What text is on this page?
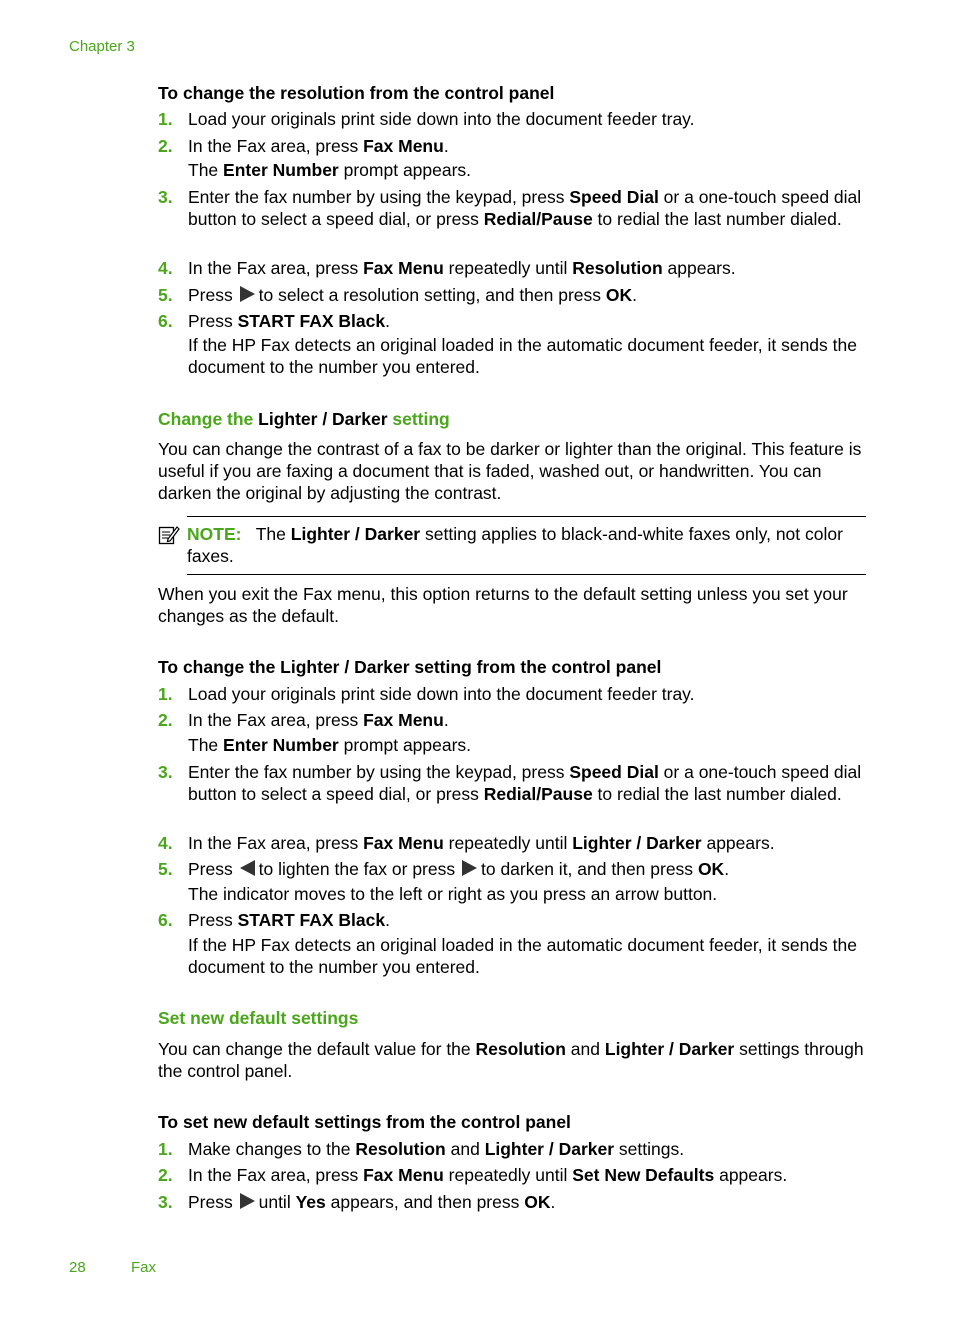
Chapter 3
To change the resolution from the control panel
1. Load your originals print side down into the document feeder tray.
2. In the Fax area, press Fax Menu.
The Enter Number prompt appears.
3. Enter the fax number by using the keypad, press Speed Dial or a one-touch speed dial button to select a speed dial, or press Redial/Pause to redial the last number dialed.
4. In the Fax area, press Fax Menu repeatedly until Resolution appears.
5. Press to select a resolution setting, and then press OK.
6. Press START FAX Black.
If the HP Fax detects an original loaded in the automatic document feeder, it sends the document to the number you entered.
Change the Lighter / Darker setting
You can change the contrast of a fax to be darker or lighter than the original. This feature is useful if you are faxing a document that is faded, washed out, or handwritten. You can darken the original by adjusting the contrast.
NOTE: The Lighter / Darker setting applies to black-and-white faxes only, not color faxes.
When you exit the Fax menu, this option returns to the default setting unless you set your changes as the default.
To change the Lighter / Darker setting from the control panel
1. Load your originals print side down into the document feeder tray.
2. In the Fax area, press Fax Menu.
The Enter Number prompt appears.
3. Enter the fax number by using the keypad, press Speed Dial or a one-touch speed dial button to select a speed dial, or press Redial/Pause to redial the last number dialed.
4. In the Fax area, press Fax Menu repeatedly until Lighter / Darker appears.
5. Press to lighten the fax or press to darken it, and then press OK.
The indicator moves to the left or right as you press an arrow button.
6. Press START FAX Black.
If the HP Fax detects an original loaded in the automatic document feeder, it sends the document to the number you entered.
Set new default settings
You can change the default value for the Resolution and Lighter / Darker settings through the control panel.
To set new default settings from the control panel
1. Make changes to the Resolution and Lighter / Darker settings.
2. In the Fax area, press Fax Menu repeatedly until Set New Defaults appears.
3. Press until Yes appears, and then press OK.
28	Fax
